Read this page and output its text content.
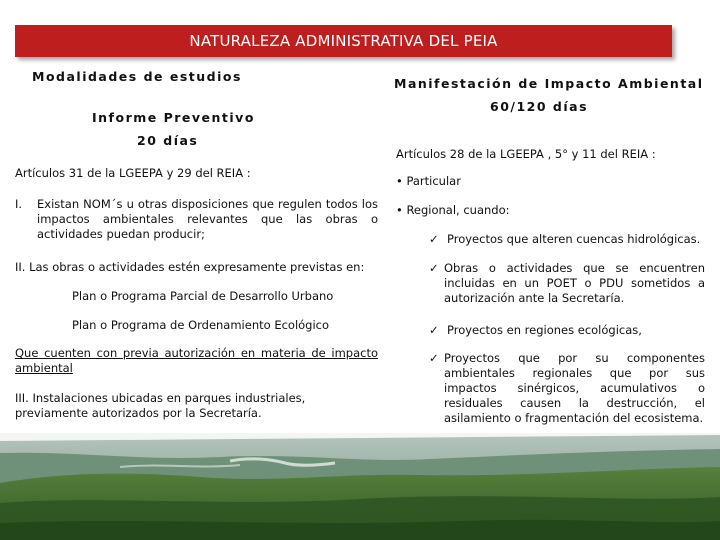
NATURALEZA ADMINISTRATIVA DEL PEIA
Modalidades de estudios
Informe Preventivo
20 días
Artículos 31 de la LGEEPA y 29 del REIA :
I. Existan NOM´s u otras disposiciones que regulen todos los impactos ambientales relevantes que las obras o actividades puedan producir;
II. Las obras o actividades estén expresamente previstas en:
Plan o Programa Parcial de Desarrollo Urbano
Plan o Programa de Ordenamiento Ecológico
Que cuenten con previa autorización en materia de impacto ambiental
III. Instalaciones ubicadas en parques industriales, previamente autorizados por la Secretaría.
Manifestación de Impacto Ambiental
60/120 días
Artículos 28 de la LGEEPA , 5° y 11 del REIA :
• Particular
• Regional, cuando:
✓ Proyectos que alteren cuencas hidrológicas.
✓ Obras o actividades que se encuentren incluidas en un POET o PDU sometidos a autorización ante la Secretaría.
✓ Proyectos en regiones ecológicas,
✓ Proyectos que por su componentes ambientales regionales que por sus impactos sinérgicos, acumulativos o residuales causen la destrucción, el asilamiento o fragmentación del ecosistema.
